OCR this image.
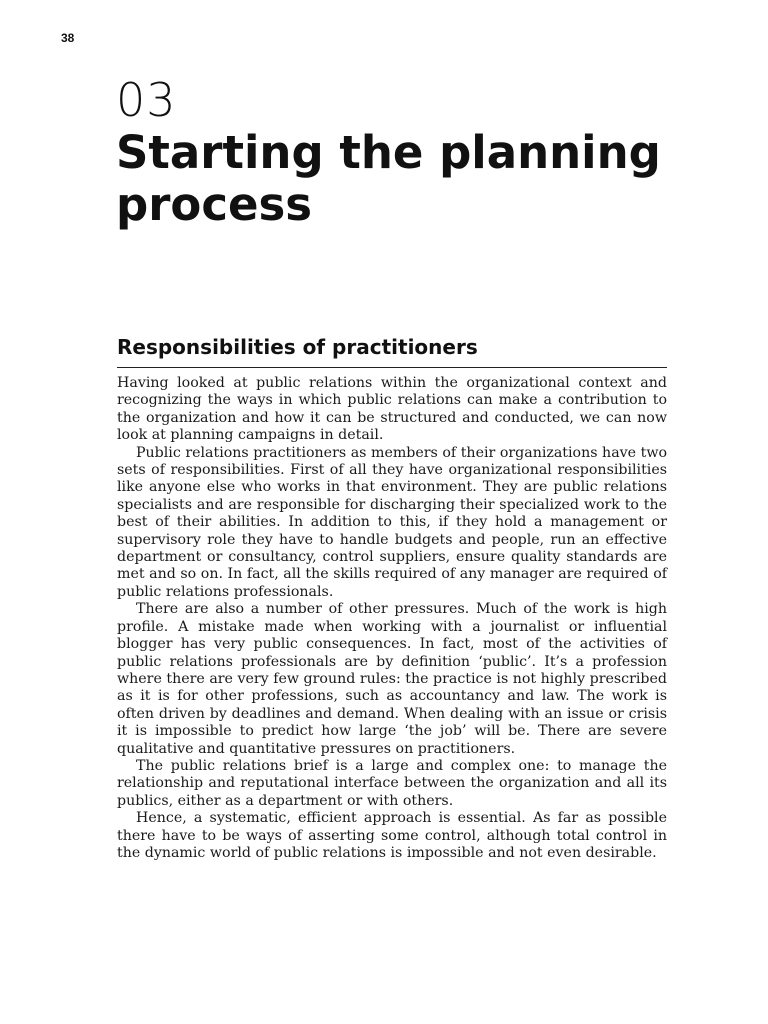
38
03
Starting the planning process
Responsibilities of practitioners

Having looked at public relations within the organizational context and recognizing the ways in which public relations can make a contribution to the organization and how it can be structured and conducted, we can now look at planning campaigns in detail.

Public relations practitioners as members of their organizations have two sets of responsibilities. First of all they have organizational responsibilities like anyone else who works in that environment. They are public relations specialists and are responsible for discharging their specialized work to the best of their abilities. In addition to this, if they hold a management or supervisory role they have to handle budgets and people, run an effective department or consultancy, control suppliers, ensure quality standards are met and so on. In fact, all the skills required of any manager are required of public relations professionals.

There are also a number of other pressures. Much of the work is high profile. A mistake made when working with a journalist or influential blogger has very public consequences. In fact, most of the activities of public relations professionals are by definition ‘public’. It’s a profession where there are very few ground rules: the practice is not highly prescribed as it is for other professions, such as accountancy and law. The work is often driven by deadlines and demand. When dealing with an issue or crisis it is impossible to predict how large ‘the job’ will be. There are severe qualitative and quantitative pressures on practitioners.

The public relations brief is a large and complex one: to manage the relationship and reputational interface between the organization and all its publics, either as a department or with others.

Hence, a systematic, efficient approach is essential. As far as possible there have to be ways of asserting some control, although total control in the dynamic world of public relations is impossible and not even desirable.
